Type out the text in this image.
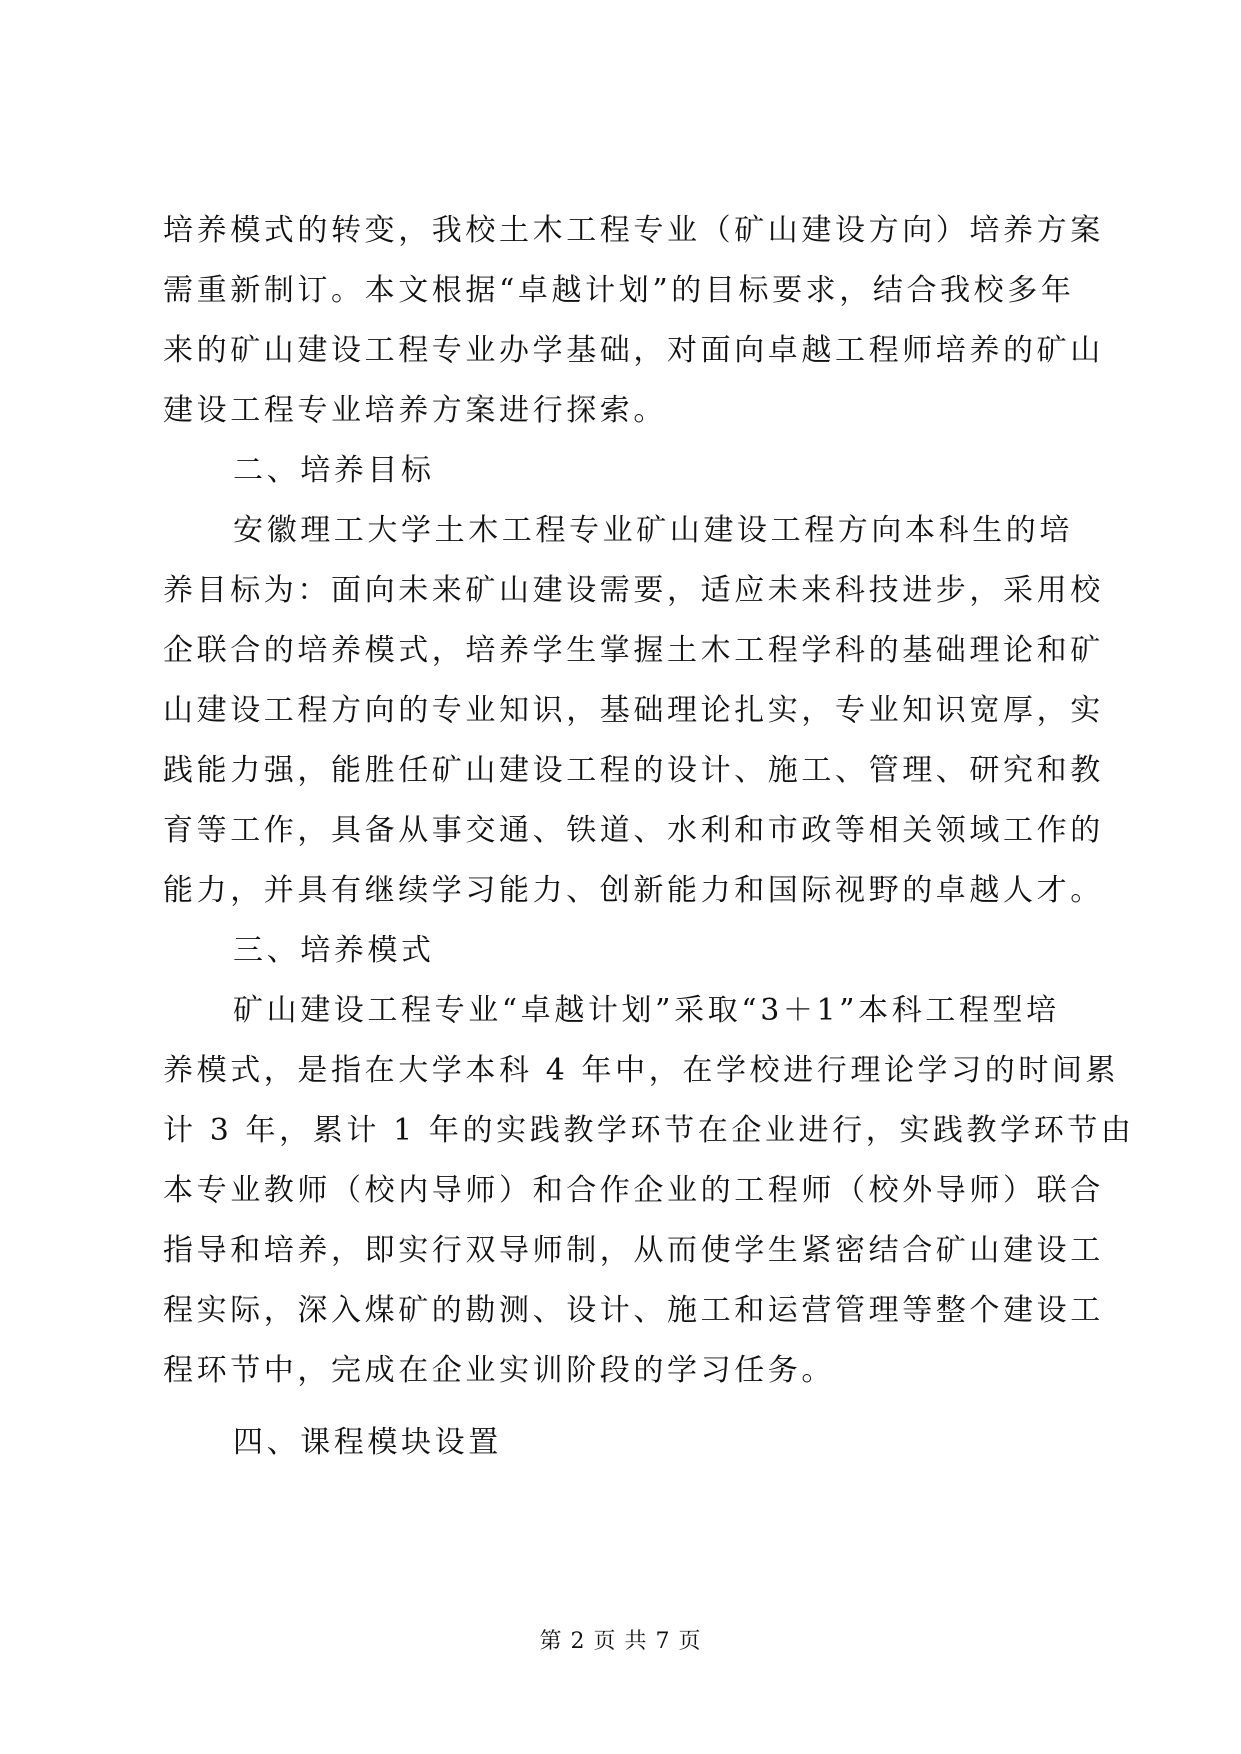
培养模式的转变，我校土木工程专业（矿山建设方向）培养方案
需重新制订。本文根据“卓越计划”的目标要求，结合我校多年
来的矿山建设工程专业办学基础，对面向卓越工程师培养的矿山
建设工程专业培养方案进行探索。
二、培养目标
安徽理工大学土木工程专业矿山建设工程方向本科生的培
养目标为：面向未来矿山建设需要，适应未来科技进步，采用校
企联合的培养模式，培养学生掌握土木工程学科的基础理论和矿
山建设工程方向的专业知识，基础理论扎实，专业知识宽厚，实
践能力强，能胜任矿山建设工程的设计、施工、管理、研究和教
育等工作，具备从事交通、铁道、水利和市政等相关领域工作的
能力，并具有继续学习能力、创新能力和国际视野的卓越人才。
三、培养模式
矿山建设工程专业“卓越计划”采取“3＋1”本科工程型培
养模式，是指在大学本科 4 年中，在学校进行理论学习的时间累
计 3 年，累计 1 年的实践教学环节在企业进行，实践教学环节由
本专业教师（校内导师）和合作企业的工程师（校外导师）联合
指导和培养，即实行双导师制，从而使学生紧密结合矿山建设工
程实际，深入煤矿的勘测、设计、施工和运营管理等整个建设工
程环节中，完成在企业实训阶段的学习任务。
四、课程模块设置
第 2 页 共 7 页
